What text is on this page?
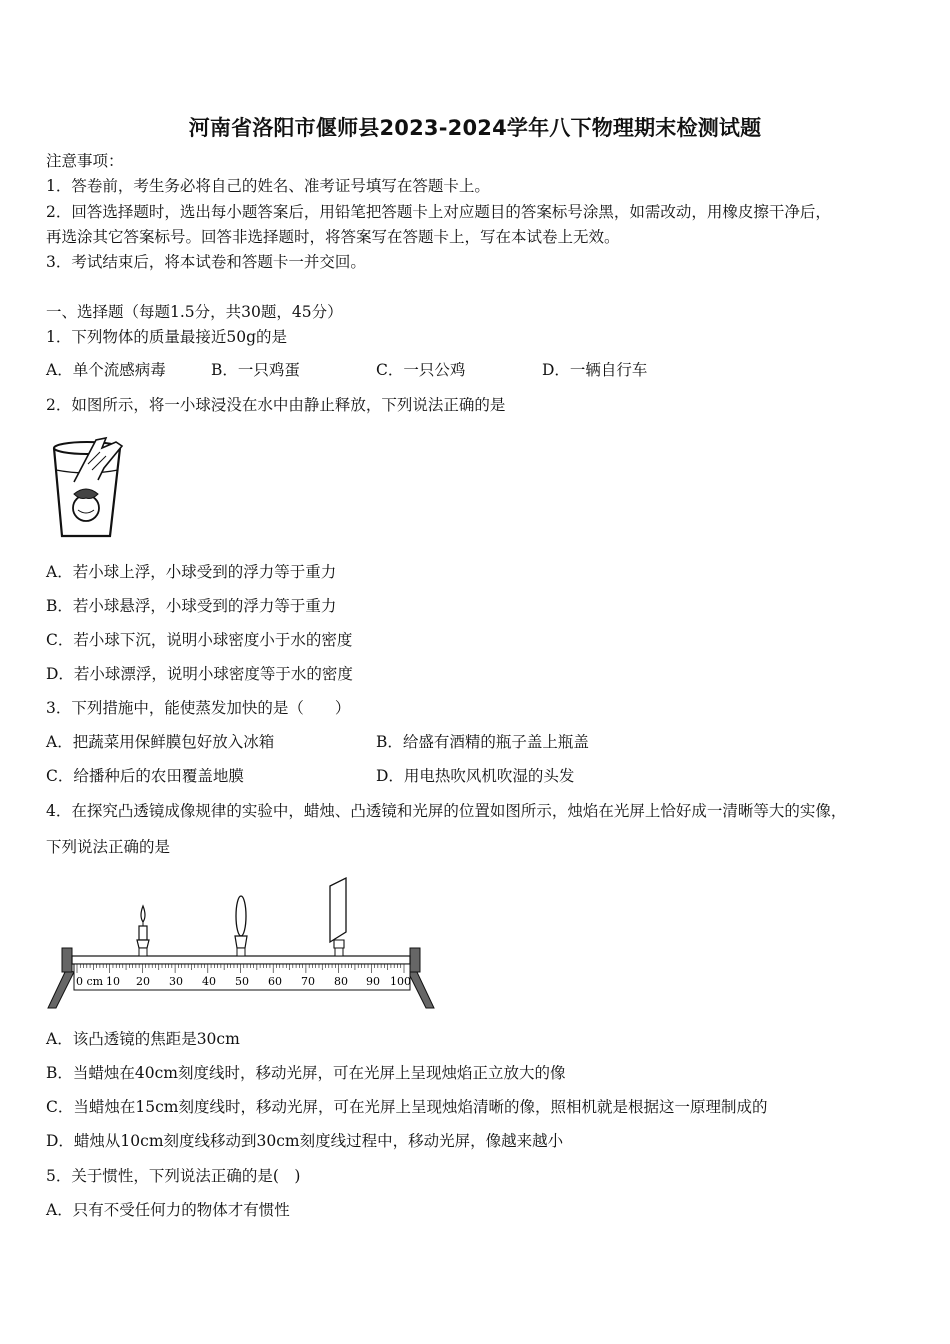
河南省洛阳市偃师县2023-2024学年八下物理期末检测试题
注意事项：
1．答卷前，考生务必将自己的姓名、准考证号填写在答题卡上。
2．回答选择题时，选出每小题答案后，用铅笔把答题卡上对应题目的答案标号涂黑，如需改动，用橡皮擦干净后，
再选涂其它答案标号。回答非选择题时，将答案写在答题卡上，写在本试卷上无效。
3．考试结束后，将本试卷和答题卡一并交回。
一、选择题（每题1.5分，共30题，45分）
1．下列物体的质量最接近50g的是
A．单个流感病毒	B．一只鸡蛋	C．一只公鸡	D．一辆自行车
2．如图所示，将一小球浸没在水中由静止释放，下列说法正确的是
A．若小球上浮，小球受到的浮力等于重力
B．若小球悬浮，小球受到的浮力等于重力
C．若小球下沉，说明小球密度小于水的密度
D．若小球漂浮，说明小球密度等于水的密度
3．下列措施中，能使蒸发加快的是（　　）
A．把蔬菜用保鲜膜包好放入冰箱	B．给盛有酒精的瓶子盖上瓶盖
C．给播种后的农田覆盖地膜	D．用电热吹风机吹湿的头发
4．在探究凸透镜成像规律的实验中，蜡烛、凸透镜和光屏的位置如图所示，烛焰在光屏上恰好成一清晰等大的实像，
下列说法正确的是
0 cm 10 20 30 40 50 60 70 80 90 100
A．该凸透镜的焦距是30cm
B．当蜡烛在40cm刻度线时，移动光屏，可在光屏上呈现烛焰正立放大的像
C．当蜡烛在15cm刻度线时，移动光屏，可在光屏上呈现烛焰清晰的像，照相机就是根据这一原理制成的
D．蜡烛从10cm刻度线移动到30cm刻度线过程中，移动光屏，像越来越小
5．关于惯性，下列说法正确的是(　)
A．只有不受任何力的物体才有惯性
